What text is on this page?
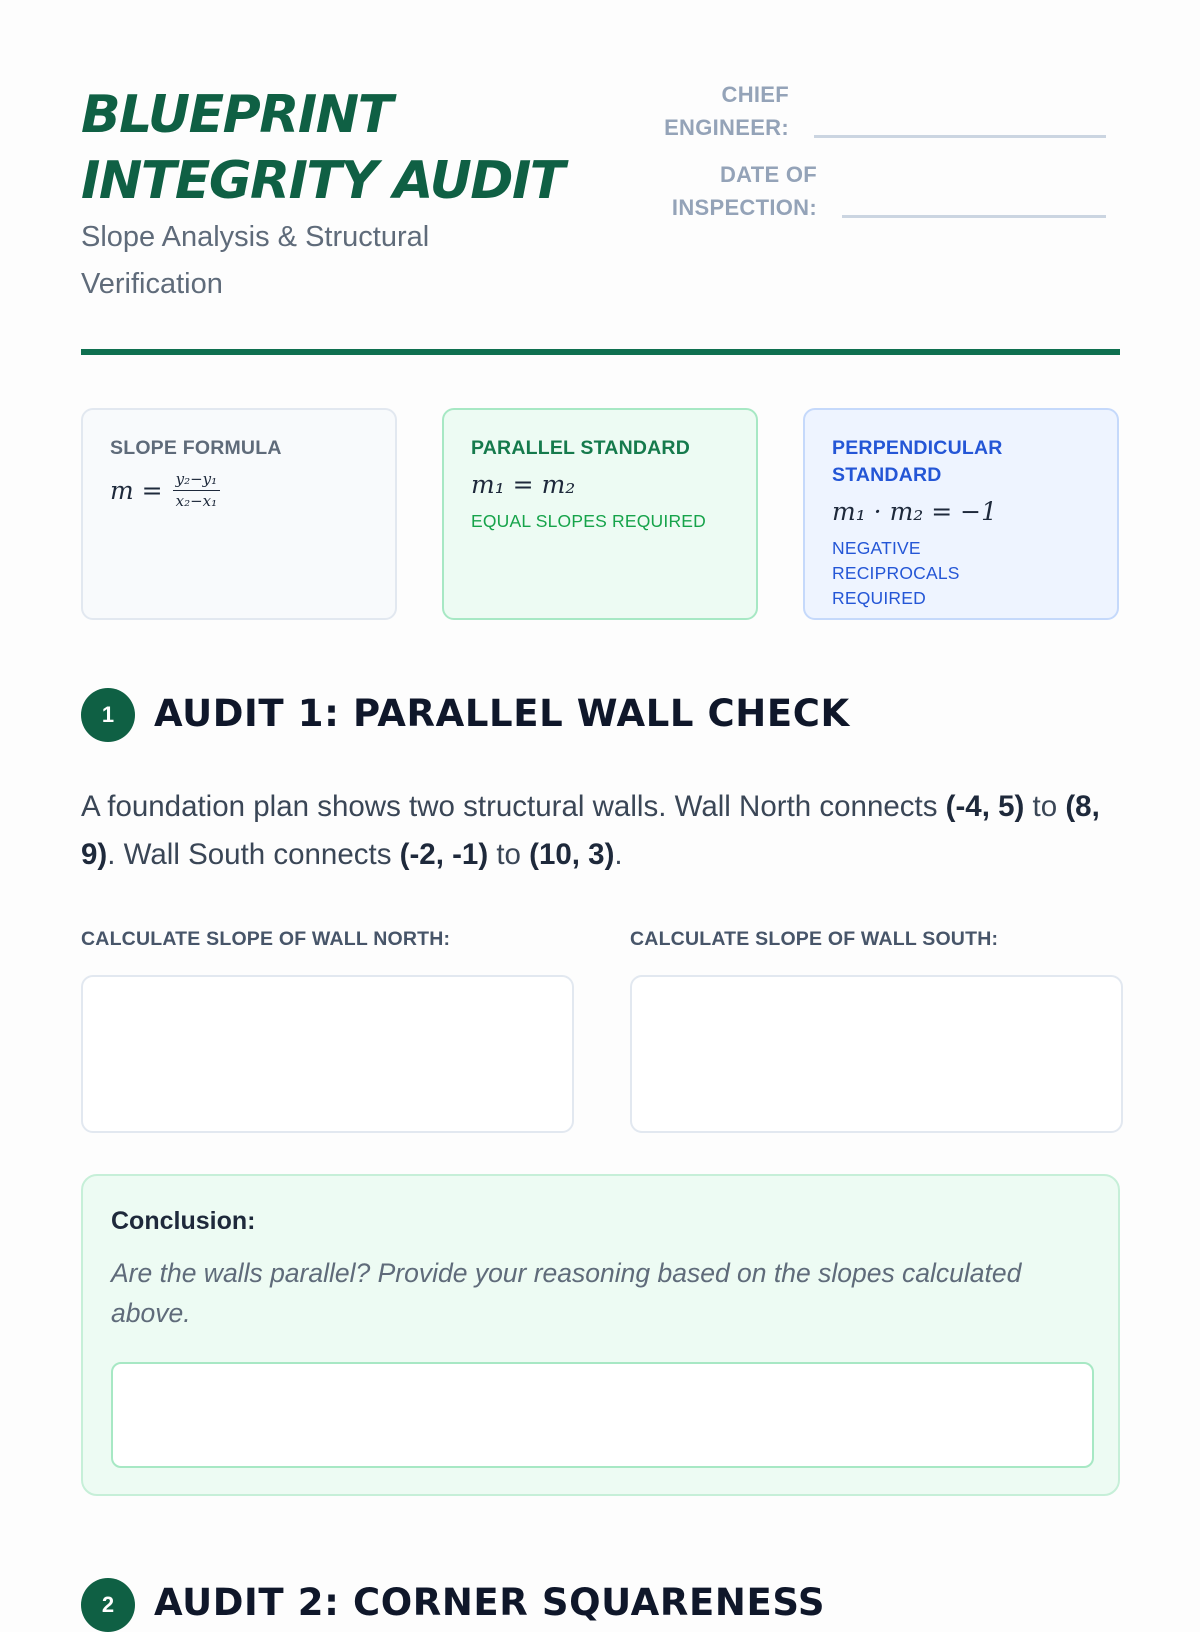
BLUEPRINT
INTEGRITY AUDIT
Slope Analysis & Structural Verification
CHIEF ENGINEER:
DATE OF INSPECTION:
SLOPE FORMULA
$m = \frac{\text{y₂−y₁}}{\text{x₂−x₁}}$
PARALLEL STANDARD
m₁ = m₂
EQUAL SLOPES REQUIRED
PERPENDICULAR STANDARD
m₁ · m₂ = −1
NEGATIVE RECIPROCALS REQUIRED
1	AUDIT 1: PARALLEL WALL CHECK
A foundation plan shows two structural walls. Wall North connects (-4, 5) to (8, 9). Wall South connects (-2, -1) to (10, 3).
CALCULATE SLOPE OF WALL NORTH:	CALCULATE SLOPE OF WALL SOUTH:
Conclusion:
Are the walls parallel? Provide your reasoning based on the slopes calculated above.
2	AUDIT 2: CORNER SQUARENESS
